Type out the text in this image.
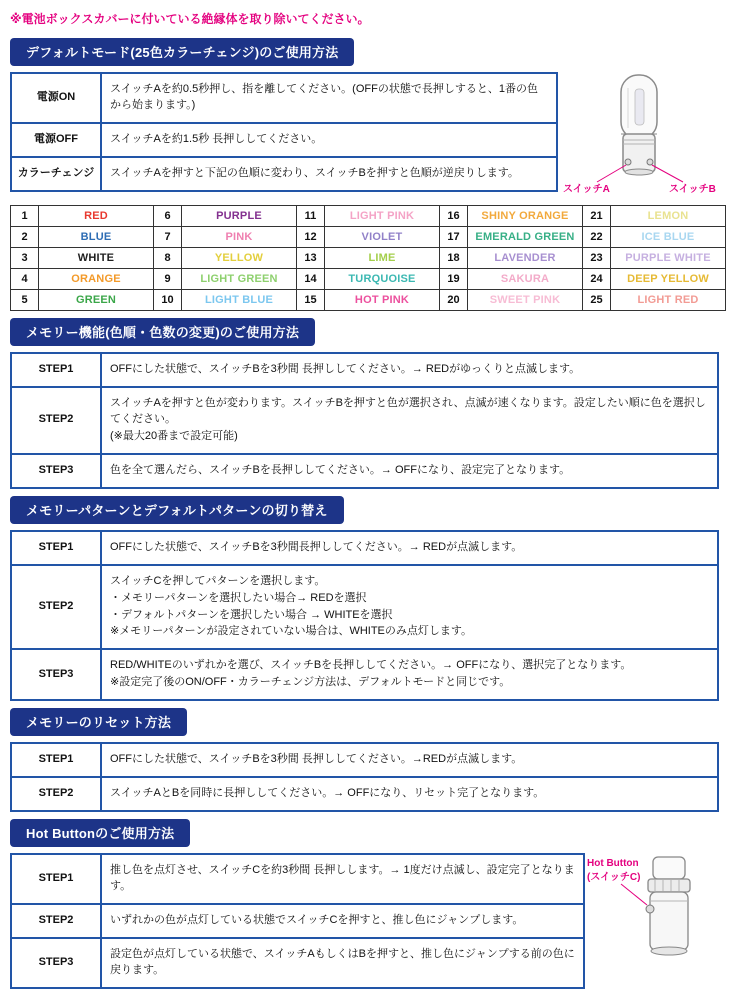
※電池ボックスカバーに付いている絶縁体を取り除いてください。
デフォルトモード(25色カラーチェンジ)のご使用方法
電源ON	スイッチAを約0.5秒押し、指を離してください。(OFFの状態で長押しすると、1番の色から始まります。)

電源OFF	スイッチAを約1.5秒 長押ししてください。

カラーチェンジ	スイッチAを押すと下記の色順に変わり、スイッチBを押すと色順が逆戻りします。
スイッチA	スイッチB
1	RED	6	PURPLE	11	LIGHT PINK	16	SHINY ORANGE	21	LEMON
2	BLUE	7	PINK	12	VIOLET	17	EMERALD GREEN	22	ICE BLUE
3	WHITE	8	YELLOW	13	LIME	18	LAVENDER	23	PURPLE WHITE
4	ORANGE	9	LIGHT GREEN	14	TURQUOISE	19	SAKURA	24	DEEP YELLOW
5	GREEN	10	LIGHT BLUE	15	HOT PINK	20	SWEET PINK	25	LIGHT RED
メモリー機能(色順・色数の変更)のご使用方法
STEP1	OFFにした状態で、スイッチBを3秒間 長押ししてください。→ REDがゆっくりと点滅します。

STEP2	スイッチAを押すと色が変わります。スイッチBを押すと色が選択され、点滅が速くなります。設定したい順に色を選択してください。
(※最大20番まで設定可能)

STEP3	色を全て選んだら、スイッチBを長押ししてください。→ OFFになり、設定完了となります。
メモリーパターンとデフォルトパターンの切り替え
STEP1	OFFにした状態で、スイッチBを3秒間長押ししてください。→ REDが点滅します。

STEP2	スイッチCを押してパターンを選択します。
・メモリーパターンを選択したい場合→ REDを選択
・デフォルトパターンを選択したい場合 → WHITEを選択
※メモリーパターンが設定されていない場合は、WHITEのみ点灯します。

STEP3	RED/WHITEのいずれかを選び、スイッチBを長押ししてください。→ OFFになり、選択完了となります。
※設定完了後のON/OFF・カラーチェンジ方法は、デフォルトモードと同じです。
メモリーのリセット方法
STEP1	OFFにした状態で、スイッチBを3秒間 長押ししてください。→REDが点滅します。

STEP2	スイッチAとBを同時に長押ししてください。→ OFFになり、リセット完了となります。
Hot Buttonのご使用方法
STEP1	推し色を点灯させ、スイッチCを約3秒間 長押しします。→ 1度だけ点滅し、設定完了となります。

STEP2	いずれかの色が点灯している状態でスイッチCを押すと、推し色にジャンプします。

STEP3	設定色が点灯している状態で、スイッチAもしくはBを押すと、推し色にジャンプする前の色に戻ります。
Hot Button
(スイッチC)
